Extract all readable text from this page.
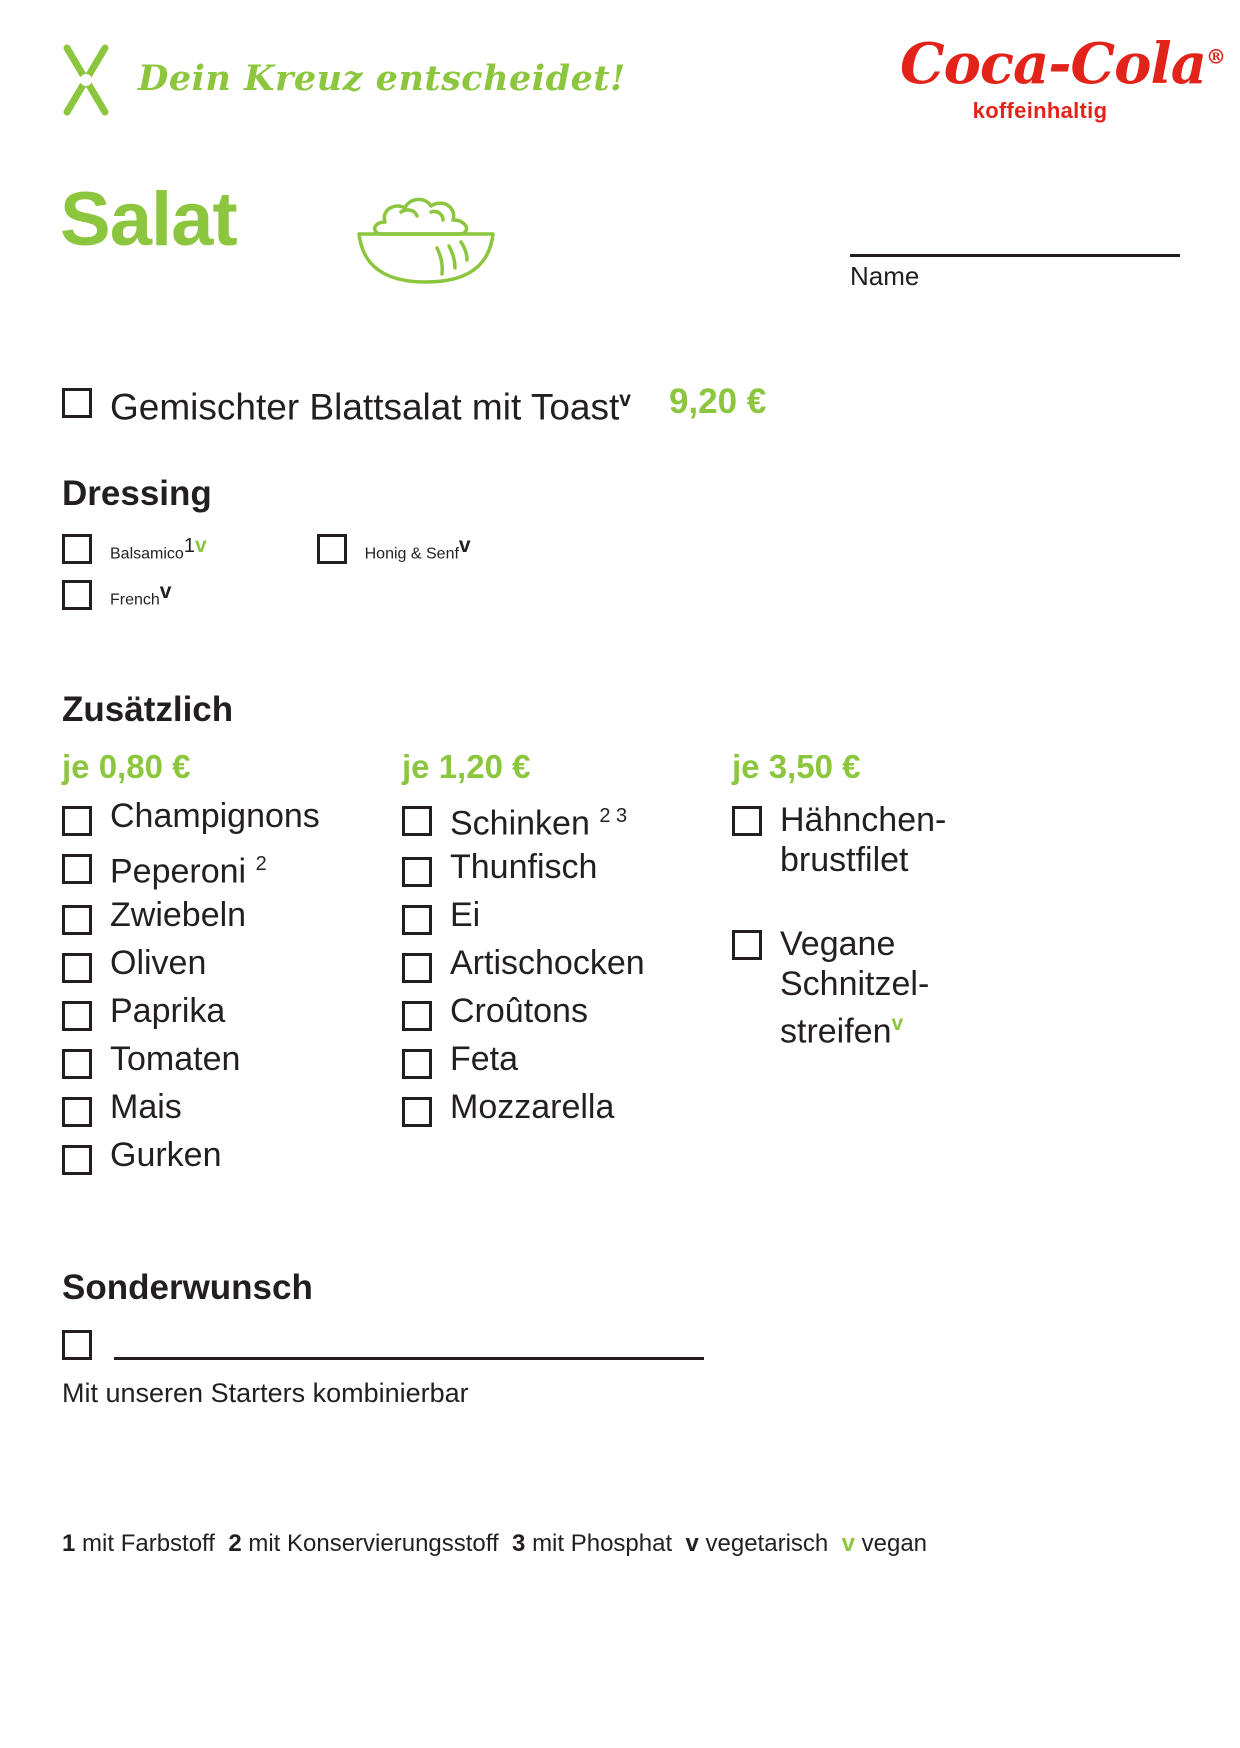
Dein Kreuz entscheidet!	Coca-Cola®
koffeinhaltig
Salat
Name
Gemischter Blattsalat mit Toast$^v$ 9,20 €
Dressing
Balsamico1v	Honig & Senfv
Frenchv
Zusätzlich
je 0,80 €
Champignons
Peperoni $^2$
Zwiebeln
Oliven
Paprika
Tomaten
Mais
Gurken
je 1,20 €
Schinken $^{2 3}$
Thunfisch
Ei
Artischocken
Croûtons
Feta
Mozzarella
je 3,50 €
Hähnchen-brustfilet
Vegane Schnitzel-streifen$^v$
Sonderwunsch
Mit unseren Starters kombinierbar
1 mit Farbstoff 2 mit Konservierungsstoff 3 mit Phosphat v vegetarisch v vegan
